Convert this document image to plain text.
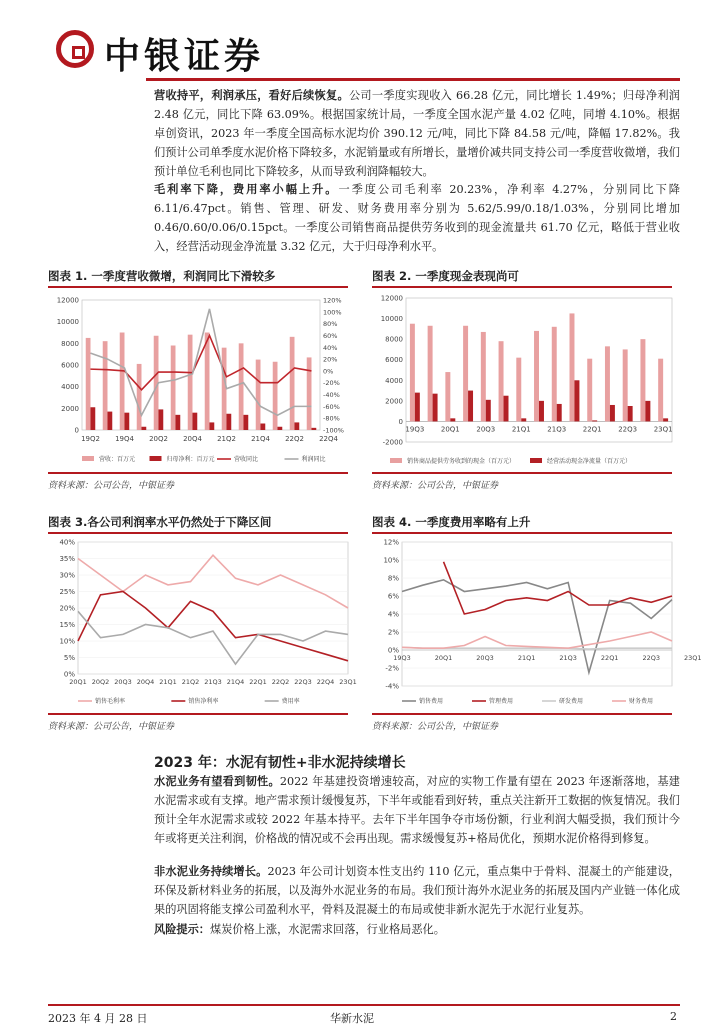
中银证券

营收持平，利润承压，看好后续恢复。公司一季度实现收入 66.28 亿元，同比增长 1.49%；归母净利润 2.48 亿元，同比下降 63.09%。根据国家统计局，一季度全国水泥产量 4.02 亿吨，同增 4.10%。根据卓创资讯，2023 年一季度全国高标水泥均价 390.12 元/吨，同比下降 84.58 元/吨，降幅 17.82%。我们预计公司单季度水泥价格下降较多，水泥销量或有所增长，量增价减共同支持公司一季度营收微增，我们预计单位毛利也同比下降较多，从而导致利润降幅较大。

毛利率下降，费用率小幅上升。一季度公司毛利率 20.23%，净利率 4.27%，分别同比下降 6.11/6.47pct。销售、管理、研发、财务费用率分别为 5.62/5.99/0.18/1.03%，分别同比增加 0.46/0.60/0.06/0.15pct。一季度公司销售商品提供劳务收到的现金流量共 61.70 亿元，略低于营业收入，经营活动现金净流量 3.32 亿元，大于归母净利水平。

图表 1. 一季度营收微增，利润同比下滑较多	图表 2. 一季度现金表现尚可
0
2000
4000
6000
8000
10000
12000
-100%
-80%
-60%
-40%
-20%
0%
20%
40%
60%
80%
100%
120%
19Q2 19Q4 20Q2 20Q4 21Q2 21Q4 22Q2 22Q4
营收：百万元	归母净利：百万元	营收同比	利润同比
-2000
0
2000
4000
6000
8000
10000
12000
19Q3 20Q1 20Q3 21Q1 21Q3 22Q1 22Q3 23Q1
销售商品提供劳务收到的现金（百万元）	经营活动现金净流量（百万元）
资料来源：公司公告，中银证券	资料来源：公司公告，中银证券
图表 3.各公司利润率水平仍然处于下降区间	图表 4. 一季度费用率略有上升
0%
5%
10%
15%
20%
25%
30%
35%
40%
20Q1 20Q2 20Q3 20Q4 21Q1 21Q2 21Q3 21Q4 22Q1 22Q2 22Q3 22Q4 23Q1
销售毛利率	销售净利率	费用率
-4%
-2%
0%
2%
4%
6%
8%
10%
12%
19Q3	20Q1	20Q3	21Q1	21Q3	22Q1	22Q3	23Q1
销售费用	管理费用	研发费用	财务费用
资料来源：公司公告，中银证券	资料来源：公司公告，中银证券
2023 年：水泥有韧性+非水泥持续增长

水泥业务有望看到韧性。2022 年基建投资增速较高，对应的实物工作量有望在 2023 年逐渐落地，基建水泥需求或有支撑。地产需求预计缓慢复苏，下半年或能看到好转，重点关注新开工数据的恢复情况。我们预计全年水泥需求或较 2022 年基本持平。去年下半年国争夺市场份额，行业利润大幅受损，我们预计今年或将更关注利润，价格战的情况或不会再出现。需求缓慢复苏+格局优化，预期水泥价格得到修复。

非水泥业务持续增长。2023 年公司计划资本性支出约 110 亿元，重点集中于骨料、混凝土的产能建设，环保及新材料业务的拓展，以及海外水泥业务的布局。我们预计海外水泥业务的拓展及国内产业链一体化成果的巩固将能支撑公司盈利水平，骨料及混凝土的布局或使非新水泥先于水泥行业复苏。

风险提示：煤炭价格上涨，水泥需求回落，行业格局恶化。

2023 年 4 月 28 日	华新水泥	2
